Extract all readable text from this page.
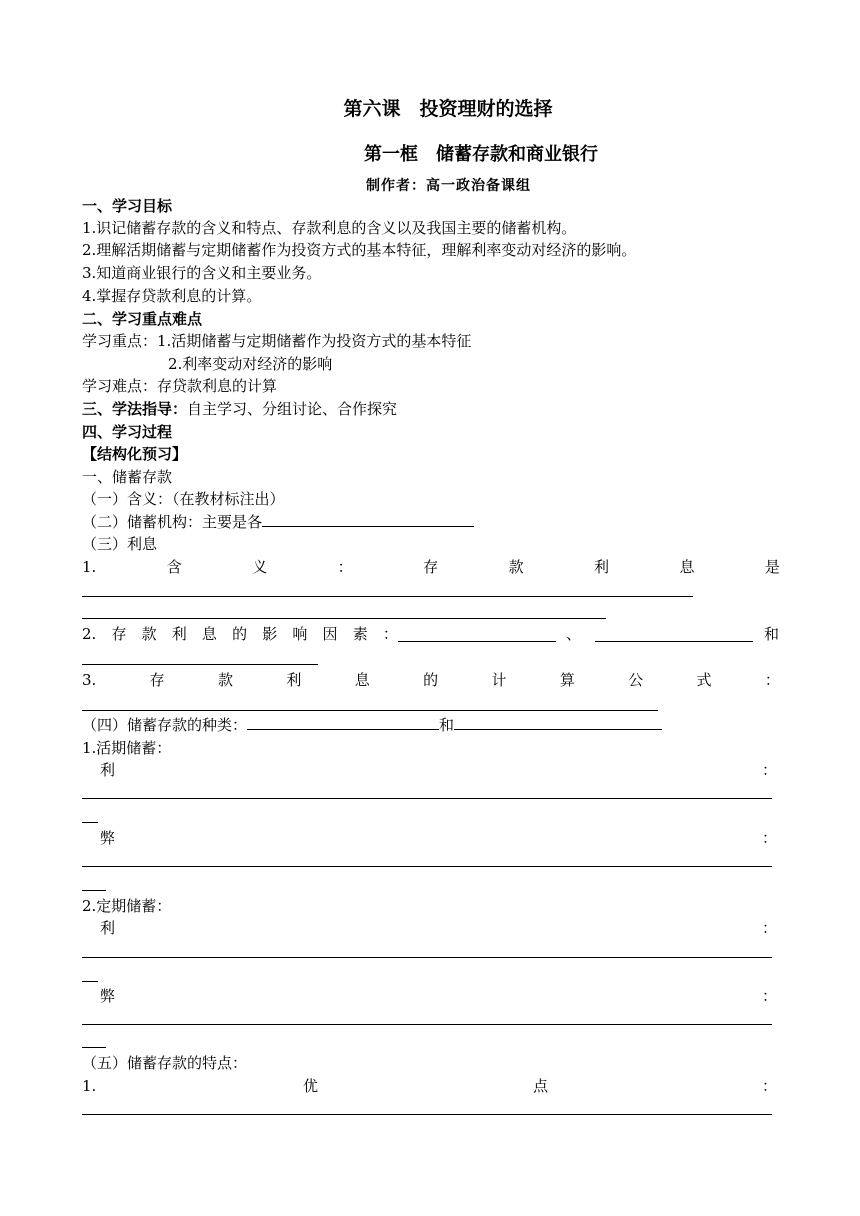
第六课　投资理财的选择
第一框　储蓄存款和商业银行
制作者：高一政治备课组
一、学习目标
1.识记储蓄存款的含义和特点、存款利息的含义以及我国主要的储蓄机构。
2.理解活期储蓄与定期储蓄作为投资方式的基本特征，理解利率变动对经济的影响。
3.知道商业银行的含义和主要业务。
4.掌握存贷款利息的计算。
二、学习重点难点
学习重点：1.活期储蓄与定期储蓄作为投资方式的基本特征
2.利率变动对经济的影响
学习难点：存贷款利息的计算
三、学法指导：自主学习、分组讨论、合作探究
四、学习过程
【结构化预习】
一、储蓄存款
（一）含义：（在教材标注出）
（二）储蓄机构：主要是各
（三）利息
1.	含	义	：	存	款	利	息	是
2. 存 款 利 息 的 影 响 因 素 ：	、	和
3.	存	款	利	息	的	计	算	公	式	：
（四）储蓄存款的种类：	和
1.活期储蓄：
利	：
弊	：
2.定期储蓄：
利	：
弊	：
（五）储蓄存款的特点：
1.	优	点	：
